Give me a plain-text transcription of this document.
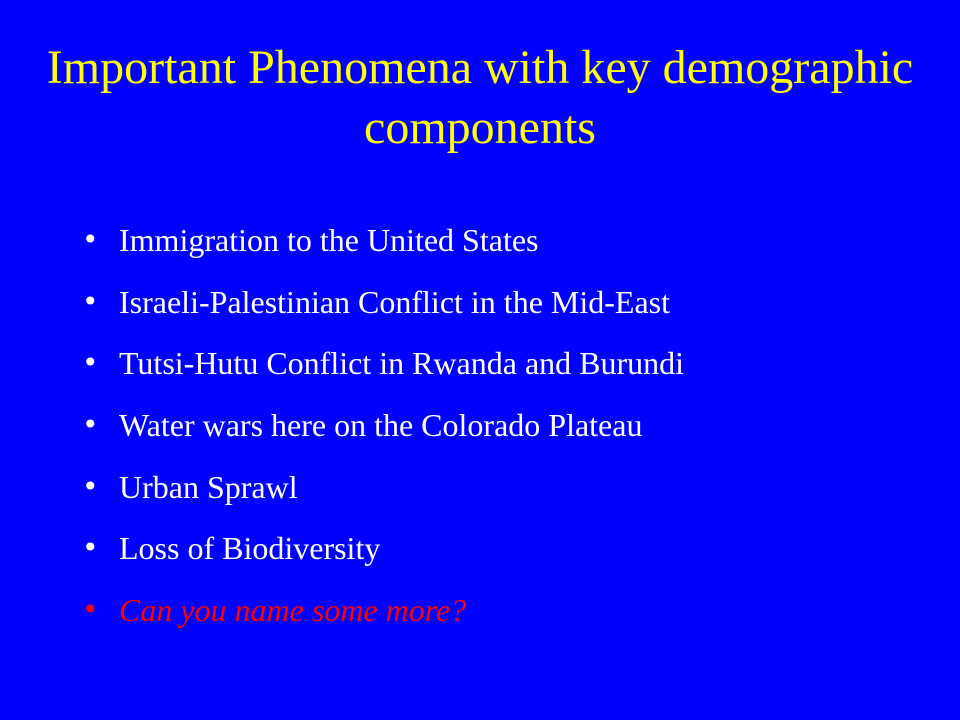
Important Phenomena with key demographic components
• Immigration to the United States
• Israeli-Palestinian Conflict in the Mid-East
• Tutsi-Hutu Conflict in Rwanda and Burundi
• Water wars here on the Colorado Plateau
• Urban Sprawl
• Loss of Biodiversity
• Can you name some more?
